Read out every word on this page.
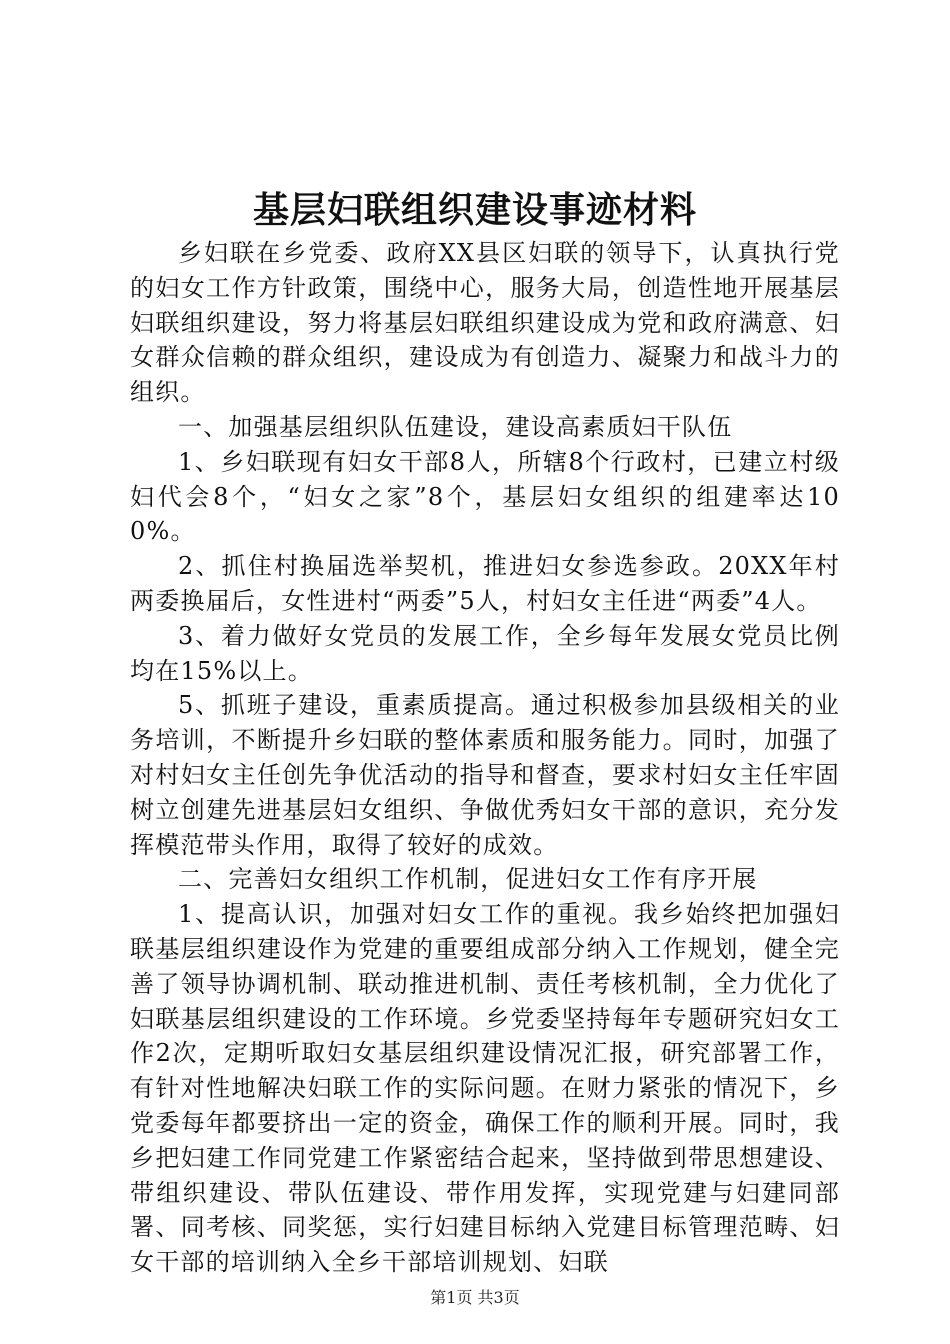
基层妇联组织建设事迹材料

乡妇联在乡党委、政府XX县区妇联的领导下，认真执行党的妇女工作方针政策，围绕中心，服务大局，创造性地开展基层妇联组织建设，努力将基层妇联组织建设成为党和政府满意、妇女群众信赖的群众组织，建设成为有创造力、凝聚力和战斗力的组织。

一、加强基层组织队伍建设，建设高素质妇干队伍

1、乡妇联现有妇女干部8人，所辖8个行政村，已建立村级妇代会8个，“妇女之家”8个，基层妇女组织的组建率达100%。

2、抓住村换届选举契机，推进妇女参选参政。20XX年村两委换届后，女性进村“两委”5人，村妇女主任进“两委”4人。

3、着力做好女党员的发展工作，全乡每年发展女党员比例均在15%以上。

5、抓班子建设，重素质提高。通过积极参加县级相关的业务培训，不断提升乡妇联的整体素质和服务能力。同时，加强了对村妇女主任创先争优活动的指导和督查，要求村妇女主任牢固树立创建先进基层妇女组织、争做优秀妇女干部的意识，充分发挥模范带头作用，取得了较好的成效。

二、完善妇女组织工作机制，促进妇女工作有序开展

1、提高认识，加强对妇女工作的重视。我乡始终把加强妇联基层组织建设作为党建的重要组成部分纳入工作规划，健全完善了领导协调机制、联动推进机制、责任考核机制，全力优化了妇联基层组织建设的工作环境。乡党委坚持每年专题研究妇女工作2次，定期听取妇女基层组织建设情况汇报，研究部署工作，有针对性地解决妇联工作的实际问题。在财力紧张的情况下，乡党委每年都要挤出一定的资金，确保工作的顺利开展。同时，我乡把妇建工作同党建工作紧密结合起来，坚持做到带思想建设、带组织建设、带队伍建设、带作用发挥，实现党建与妇建同部署、同考核、同奖惩，实行妇建目标纳入党建目标管理范畴、妇女干部的培训纳入全乡干部培训规划、妇联

第1页 共3页
